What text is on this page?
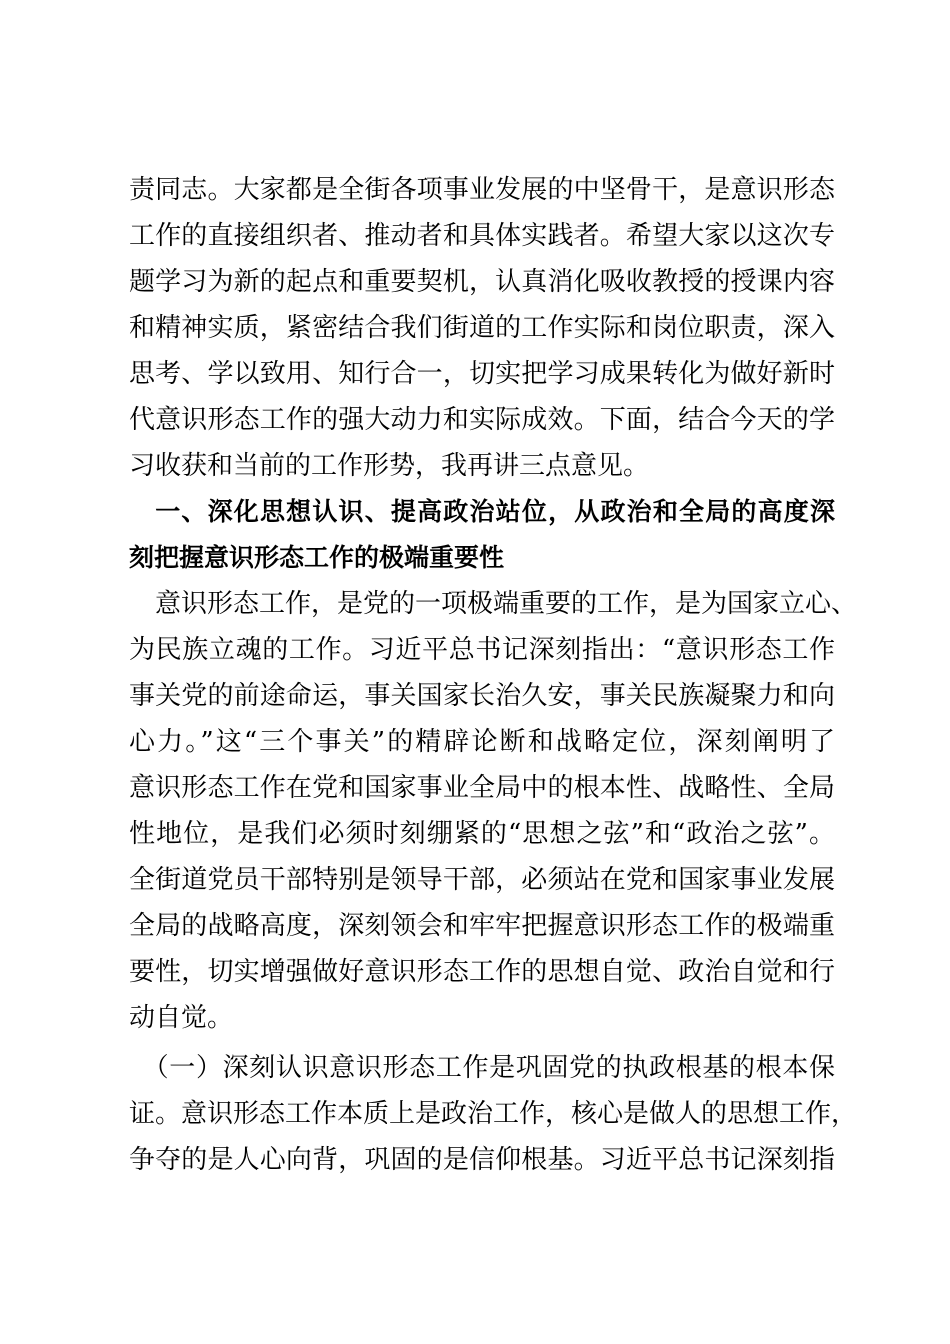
责同志。大家都是全街各项事业发展的中坚骨干，是意识形态
工作的直接组织者、推动者和具体实践者。希望大家以这次专
题学习为新的起点和重要契机，认真消化吸收教授的授课内容
和精神实质，紧密结合我们街道的工作实际和岗位职责，深入
思考、学以致用、知行合一，切实把学习成果转化为做好新时
代意识形态工作的强大动力和实际成效。下面，结合今天的学
习收获和当前的工作形势，我再讲三点意见。
　一、深化思想认识、提高政治站位，从政治和全局的高度深
刻把握意识形态工作的极端重要性
　意识形态工作，是党的一项极端重要的工作，是为国家立心、
为民族立魂的工作。习近平总书记深刻指出：“意识形态工作
事关党的前途命运，事关国家长治久安，事关民族凝聚力和向
心力。”这“三个事关”的精辟论断和战略定位，深刻阐明了
意识形态工作在党和国家事业全局中的根本性、战略性、全局
性地位，是我们必须时刻绷紧的“思想之弦”和“政治之弦”。
全街道党员干部特别是领导干部，必须站在党和国家事业发展
全局的战略高度，深刻领会和牢牢把握意识形态工作的极端重
要性，切实增强做好意识形态工作的思想自觉、政治自觉和行
动自觉。
　（一）深刻认识意识形态工作是巩固党的执政根基的根本保
证。意识形态工作本质上是政治工作，核心是做人的思想工作，
争夺的是人心向背，巩固的是信仰根基。习近平总书记深刻指
